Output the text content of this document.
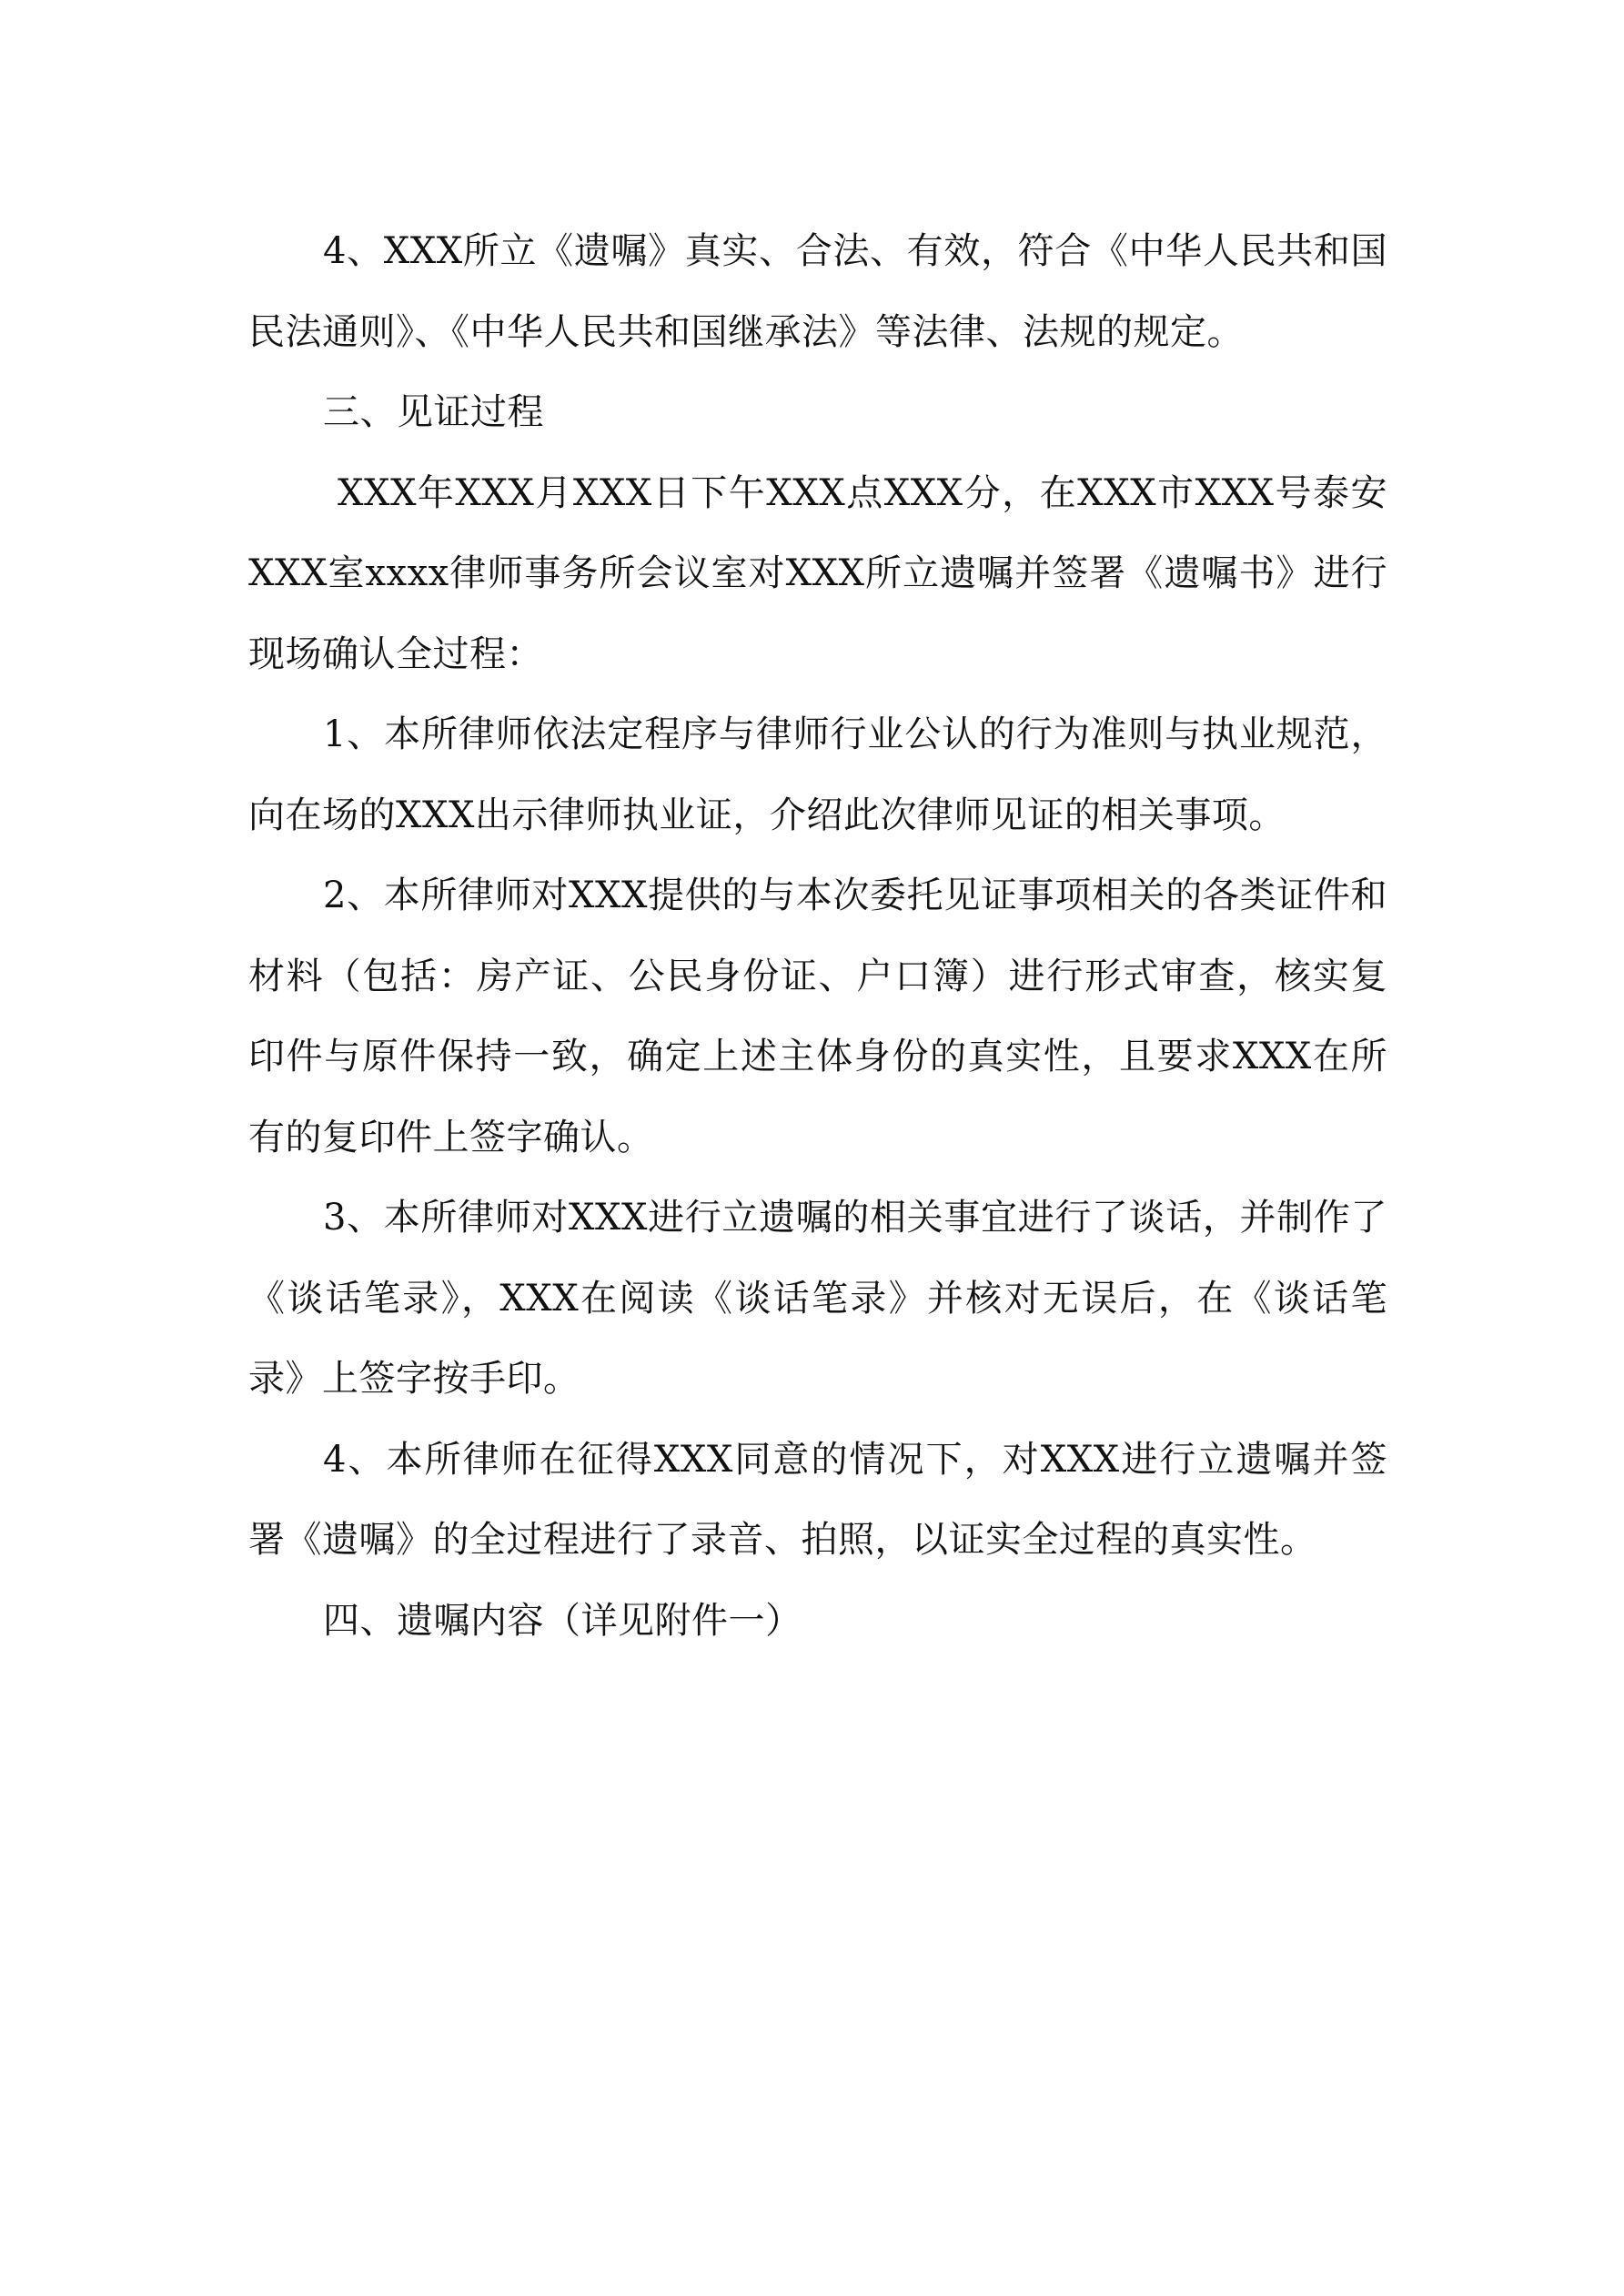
4、XXX所立《遗嘱》真实、合法、有效，符合《中华人民共和国民法通则》、《中华人民共和国继承法》等法律、法规的规定。

三、见证过程

XXX年XXX月XXX日下午XXX点XXX分，在XXX市XXX号泰安XXX室xxxx律师事务所会议室对XXX所立遗嘱并签署《遗嘱书》进行现场确认全过程：

1、本所律师依法定程序与律师行业公认的行为准则与执业规范，向在场的XXX出示律师执业证，介绍此次律师见证的相关事项。

2、本所律师对XXX提供的与本次委托见证事项相关的各类证件和材料（包括：房产证、公民身份证、户口簿）进行形式审查，核实复印件与原件保持一致，确定上述主体身份的真实性，且要求XXX在所有的复印件上签字确认。

3、本所律师对XXX进行立遗嘱的相关事宜进行了谈话，并制作了《谈话笔录》，XXX在阅读《谈话笔录》并核对无误后，在《谈话笔录》上签字按手印。

4、本所律师在征得XXX同意的情况下，对XXX进行立遗嘱并签署《遗嘱》的全过程进行了录音、拍照，以证实全过程的真实性。

四、遗嘱内容（详见附件一）
